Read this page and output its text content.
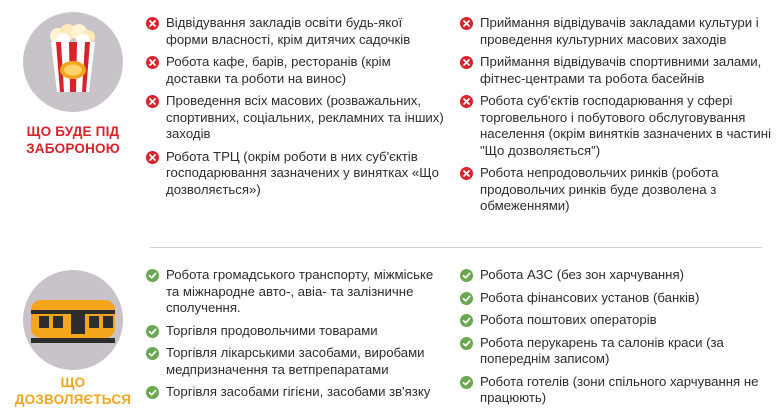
ЩО БУДЕ ПІД ЗАБОРОНОЮ
Відвідування закладів освіти будь-якої форми власності, крім дитячих садочків
Робота кафе, барів, ресторанів (крім доставки та роботи на винос)
Проведення всіх масових (розважальних, спортивних, соціальних, рекламних та інших) заходів
Робота ТРЦ (окрім роботи в них суб'єктів господарювання зазначених у винятках «Що дозволяється»)
Приймання відвідувачів закладами культури і проведення культурних масових заходів
Приймання відвідувачів спортивними залами, фітнес-центрами та робота басейнів
Робота суб'єктів господарювання у сфері торговельного і побутового обслуговування населення (окрім винятків зазначених в частині "Що дозволяється")
Робота непродовольчих ринків (робота продовольчих ринків буде дозволена з обмеженнями)
ЩО ДОЗВОЛЯЄТЬСЯ
Робота громадського транспорту, міжміське та міжнародне авто-, авіа- та залізничне сполучення.
Торгівля продовольчими товарами
Торгівля лікарськими засобами, виробами медпризначення та ветпрепаратами
Торгівля засобами гігієни, засобами зв'язку
Робота АЗС (без зон харчування)
Робота фінансових установ (банків)
Робота поштових операторів
Робота перукарень та салонів краси (за попереднім записом)
Робота готелів (зони спільного харчування не працюють)
